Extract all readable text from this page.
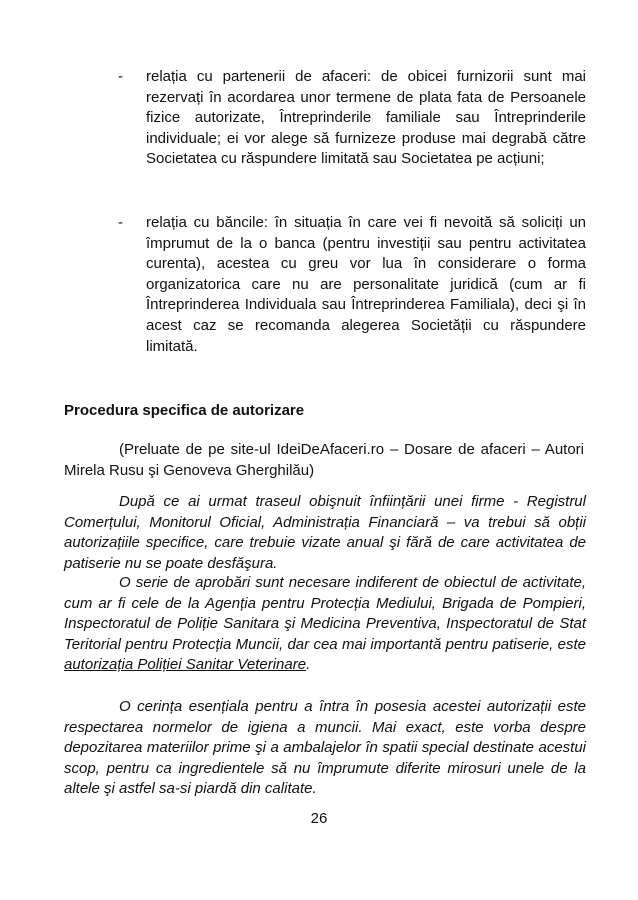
- relația cu partenerii de afaceri: de obicei furnizorii sunt mai rezervați în acordarea unor termene de plata fata de Persoanele fizice autorizate, Întreprinderile familiale sau Întreprinderile individuale; ei vor alege să furnizeze produse mai degrabă către Societatea cu răspundere limitată sau Societatea pe acțiuni;
- relația cu băncile: în situația în care vei fi nevoită să soliciți un împrumut de la o banca (pentru investiții sau pentru activitatea curenta), acestea cu greu vor lua în considerare o forma organizatorica care nu are personalitate juridică (cum ar fi Întreprinderea Individuala sau Întreprinderea Familiala), deci şi în acest caz se recomanda alegerea Societății cu răspundere limitată.
Procedura specifica de autorizare
(Preluate de pe site-ul IdeiDeAfaceri.ro – Dosare de afaceri – Autori Mirela Rusu şi Genoveva Gherghilău)

După ce ai urmat traseul obişnuit înființării unei firme - Registrul Comerțului, Monitorul Oficial, Administrația Financiară – va trebui să obții autorizațiile specifice, care trebuie vizate anual şi fără de care activitatea de patiserie nu se poate desfăşura.

O serie de aprobări sunt necesare indiferent de obiectul de activitate, cum ar fi cele de la Agenția pentru Protecția Mediului, Brigada de Pompieri, Inspectoratul de Poliție Sanitara şi Medicina Preventiva, Inspectoratul de Stat Teritorial pentru Protecția Muncii, dar cea mai importantă pentru patiserie, este autorizația Poliției Sanitar Veterinare.

O cerința esențiala pentru a întra în posesia acestei autorizații este respectarea normelor de igiena a muncii. Mai exact, este vorba despre depozitarea materiilor prime şi a ambalajelor în spatii special destinate acestui scop, pentru ca ingredientele să nu împrumute diferite mirosuri unele de la altele şi astfel sa-si piardă din calitate.

26
